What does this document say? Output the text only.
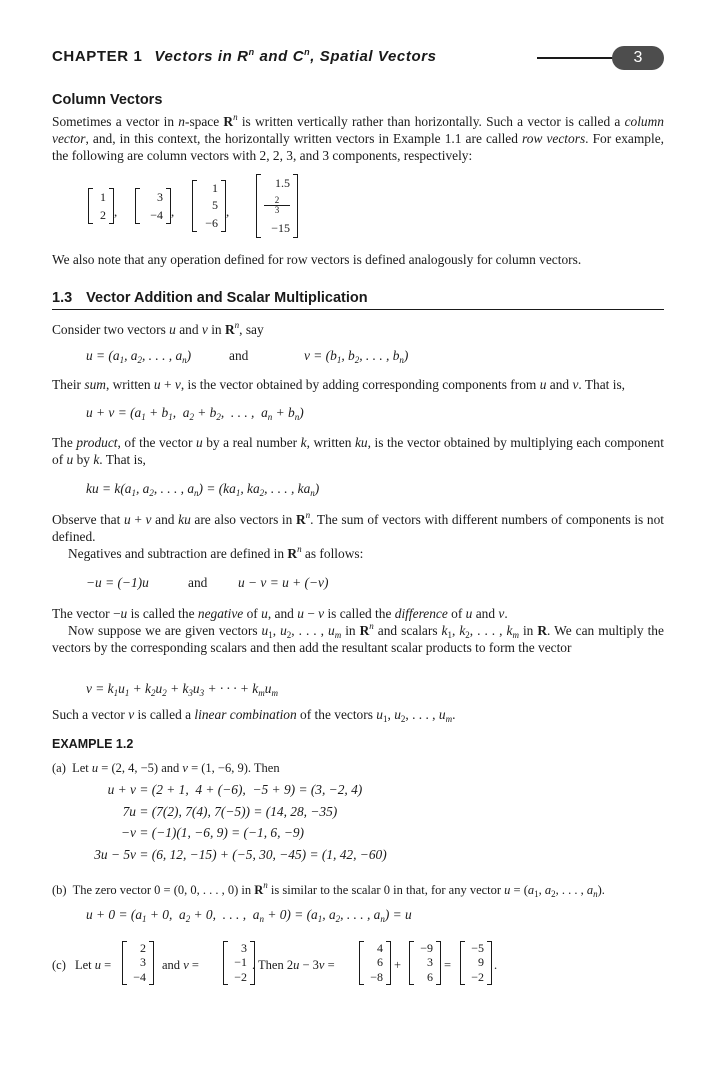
CHAPTER 1 Vectors in $R^n$ and $C^n$, Spatial Vectors	3
Column Vectors
Sometimes a vector in n-space $R^n$ is written vertically rather than horizontally. Such a vector is called a column vector, and, in this context, the horizontally written vectors in Example 1.1 are called row vectors. For example, the following are column vectors with 2, 2, 3, and 3 components, respectively:
1
2 ,
3
−4 ,
1
5
−6
,
1.5
2
3
−15
We also note that any operation defined for row vectors is defined analogously for column vectors.
1.3 Vector Addition and Scalar Multiplication
Consider two vectors u and v in $R^n$, say
$u = (a_1$, $a_2$, . . . , $a_n$)	and	$v = (b_1$, $b_2$, . . . , $b_n$)
Their sum, written u + v, is the vector obtained by adding corresponding components from u and v. That is,
$u + v = (a_1 + b_1$,  $a_2 + b_2$,  . . . ,  $a_n + b_n$)
The product, of the vector u by a real number k, written ku, is the vector obtained by multiplying each component of u by k. That is,
ku = $k(a_1$, $a_2$, . . . , $a_n) = (ka_1$, $ka_2$, . . . , $ka_n$)
Observe that u + v and ku are also vectors in $R^n$. The sum of vectors with different numbers of components is not defined.
Negatives and subtraction are defined in $R^n$ as follows:
−u = (−1)u	and u − v = u + (−v)
The vector −u is called the negative of u, and u − v is called the difference of u and v.
Now suppose we are given vectors $u_1$, $u_2$, . . . , $u_m$ in $R^n$ and scalars $k_1$, $k_2$, . . . , $k_m$ in R. We can multiply the vectors by the corresponding scalars and then add the resultant scalar products to form the vector
$v = k_1u_1 + k_2u_2 + k_3u_3$ + · · · + $k_mu_m$
Such a vector v is called a linear combination of the vectors $u_1$, $u_2$, . . . , $u_m$.
EXAMPLE 1.2
(a)  Let u = (2, 4, −5) and v = (1, −6, 9). Then
u + v = (2 + 1,  4 + (−6),  −5 + 9) = (3, −2, 4)
7u = (7(2), 7(4), 7(−5)) = (14, 28, −35)
−v = (−1)(1, −6, 9) = (−1, 6, −9)
3u − 5v = (6, 12, −15) + (−5, 30, −45) = (1, 42, −60)
(b)  The zero vector 0 = (0, 0, . . . , 0) in $R^n$ is similar to the scalar 0 in that, for any vector $u = (a_1$, $a_2$, . . . , $a_n$).
$u + 0 = (a_1 + 0$,  $a_2 + 0$,  . . . ,  $a_n + 0) = (a_1$, $a_2$, . . . , $a_n) = u$
(c) Let u =
2
3
−4
and v =
3
−1
−2
. Then 2u − 3v =
4
6
−8
+
−9
3
6
=
−5
9
−2
.
